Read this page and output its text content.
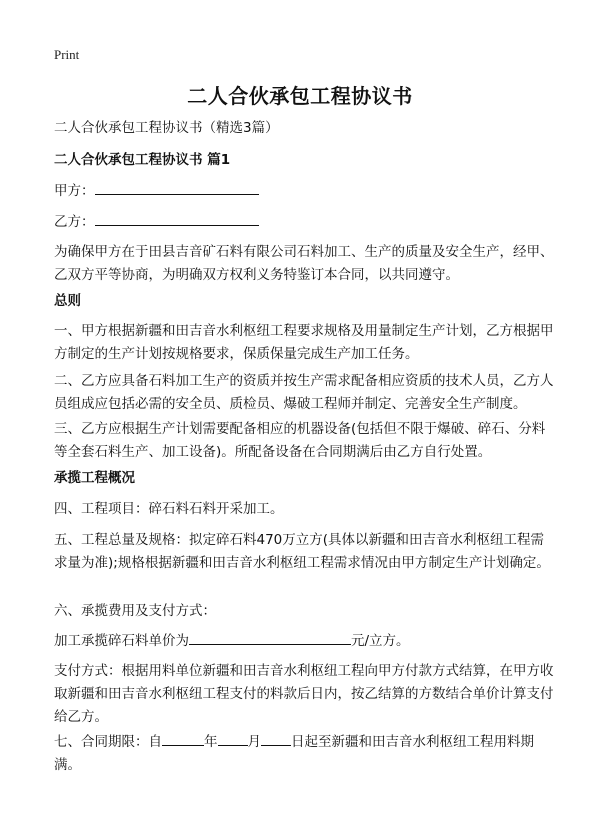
Print
二人合伙承包工程协议书

二人合伙承包工程协议书（精选3篇）

二人合伙承包工程协议书 篇1

甲方：

乙方：

为确保甲方在于田县吉音矿石料有限公司石料加工、生产的质量及安全生产，经甲、乙双方平等协商，为明确双方权利义务特鉴订本合同，以共同遵守。

总则

一、甲方根据新疆和田吉音水利枢纽工程要求规格及用量制定生产计划，乙方根据甲方制定的生产计划按规格要求，保质保量完成生产加工任务。

二、乙方应具备石料加工生产的资质并按生产需求配备相应资质的技术人员，乙方人员组成应包括必需的安全员、质检员、爆破工程师并制定、完善安全生产制度。

三、乙方应根据生产计划需要配备相应的机器设备(包括但不限于爆破、碎石、分料等全套石料生产、加工设备)。所配备设备在合同期满后由乙方自行处置。

承揽工程概况

四、工程项目：碎石料石料开采加工。

五、工程总量及规格：拟定碎石料470万立方(具体以新疆和田吉音水利枢纽工程需求量为准);规格根据新疆和田吉音水利枢纽工程需求情况由甲方制定生产计划确定。

六、承揽费用及支付方式：

加工承揽碎石料单价为	元/立方。

支付方式：根据用料单位新疆和田吉音水利枢纽工程向甲方付款方式结算，在甲方收取新疆和田吉音水利枢纽工程支付的料款后日内，按乙结算的方数结合单价计算支付给乙方。

七、合同期限：自	年 月 日起至新疆和田吉音水利枢纽工程用料期满。
